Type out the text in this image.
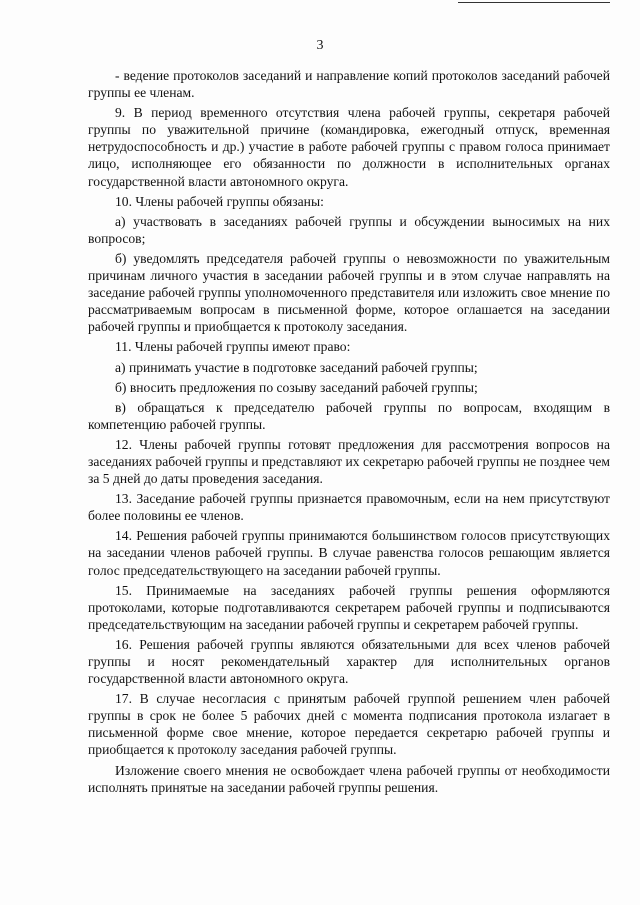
3

- ведение протоколов заседаний и направление копий протоколов заседаний рабочей группы ее членам.

9. В период временного отсутствия члена рабочей группы, секретаря рабочей группы по уважительной причине (командировка, ежегодный отпуск, временная нетрудоспособность и др.) участие в работе рабочей группы с правом голоса принимает лицо, исполняющее его обязанности по должности в исполнительных органах государственной власти автономного округа.

10. Члены рабочей группы обязаны:

а) участвовать в заседаниях рабочей группы и обсуждении выносимых на них вопросов;

б) уведомлять председателя рабочей группы о невозможности по уважительным причинам личного участия в заседании рабочей группы и в этом случае направлять на заседание рабочей группы уполномоченного представителя или изложить свое мнение по рассматриваемым вопросам в письменной форме, которое оглашается на заседании рабочей группы и приобщается к протоколу заседания.

11. Члены рабочей группы имеют право:

а) принимать участие в подготовке заседаний рабочей группы;

б) вносить предложения по созыву заседаний рабочей группы;

в) обращаться к председателю рабочей группы по вопросам, входящим в компетенцию рабочей группы.

12. Члены рабочей группы готовят предложения для рассмотрения вопросов на заседаниях рабочей группы и представляют их секретарю рабочей группы не позднее чем за 5 дней до даты проведения заседания.

13. Заседание рабочей группы признается правомочным, если на нем присутствуют более половины ее членов.

14. Решения рабочей группы принимаются большинством голосов присутствующих на заседании членов рабочей группы. В случае равенства голосов решающим является голос председательствующего на заседании рабочей группы.

15. Принимаемые на заседаниях рабочей группы решения оформляются протоколами, которые подготавливаются секретарем рабочей группы и подписываются председательствующим на заседании рабочей группы и секретарем рабочей группы.

16. Решения рабочей группы являются обязательными для всех членов рабочей группы и носят рекомендательный характер для исполнительных органов государственной власти автономного округа.

17. В случае несогласия с принятым рабочей группой решением член рабочей группы в срок не более 5 рабочих дней с момента подписания протокола излагает в письменной форме свое мнение, которое передается секретарю рабочей группы и приобщается к протоколу заседания рабочей группы.

Изложение своего мнения не освобождает члена рабочей группы от необходимости исполнять принятые на заседании рабочей группы решения.
